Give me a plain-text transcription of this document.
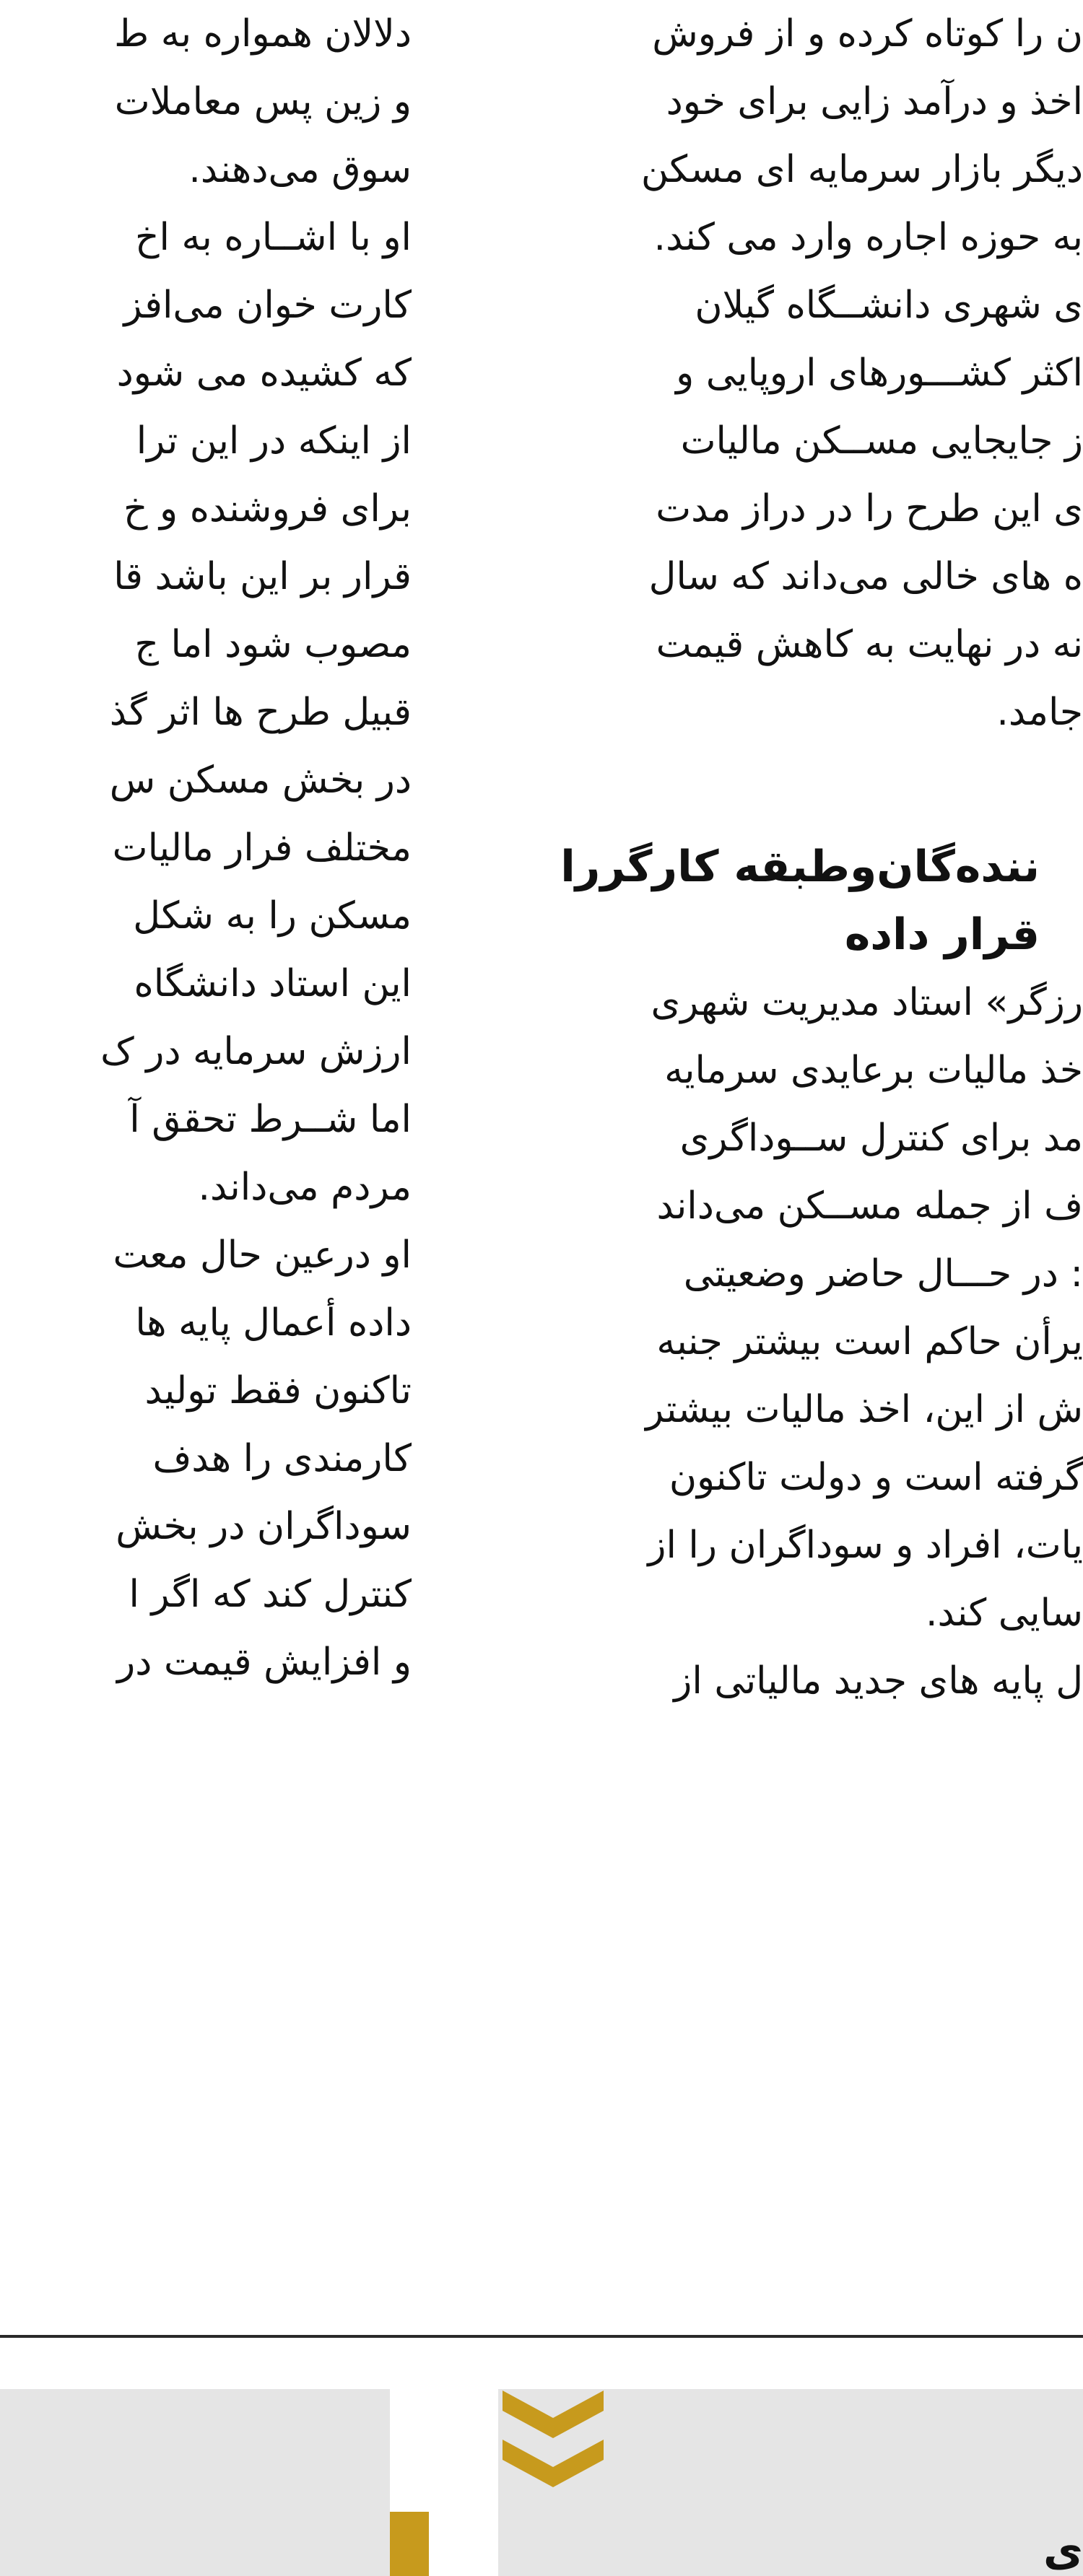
ن را کوتاه کرده و از فروش
اخذ و درآمد زایی برای خود
دیگر بازار سرمایه ای مسکن
به حوزه اجاره وارد می کند.
ی شهری دانشــگاه گیلان
اکثر کشـــورهای اروپایی و
ز جایجایی مســکن مالیات
ی این طرح را در دراز مدت
ه های خالی می‌داند که سال
نه در نهایت به کاهش قیمت
جامد.
ننده‌گان‌وطبقه کارگررا
قرار داده
رزگر» استاد مدیریت شهری
خذ مالیات برعایدی سرمایه
مد برای کنترل ســوداگری
ف از جمله مســکن می‌داند
: در حـــال حاضر وضعیتی
یرأن حاکم است بیشتر جنبه
ش از این، اخذ مالیات بیشتر
گرفته است و دولت تاکنون
یات، افراد و سوداگران را از
سایی کند.
ل پایه های جدید مالیاتی از
دلالان همواره به ط
و زین پس معاملات
سوق می‌دهند.
او با اشــاره به اخ
کارت خوان می‌افز
که کشیده می شود
از اینکه در این ترا
برای فروشنده و خ
قرار بر این باشد قا
مصوب شود اما ج
قبیل طرح ها اثر گذ
در بخش مسکن س
مختلف فرار مالیات
مسکن را به شکل
این استاد دانشگاه
ارزش سرمایه در ک
اما شــرط تحقق آ
مردم می‌داند.
او درعین حال معت
داده أعمال پایه ها
تاکنون فقط تولید
کارمندی را هدف
سوداگران در بخش
کنترل کند که اگر ا
و افزایش قیمت در
ی
